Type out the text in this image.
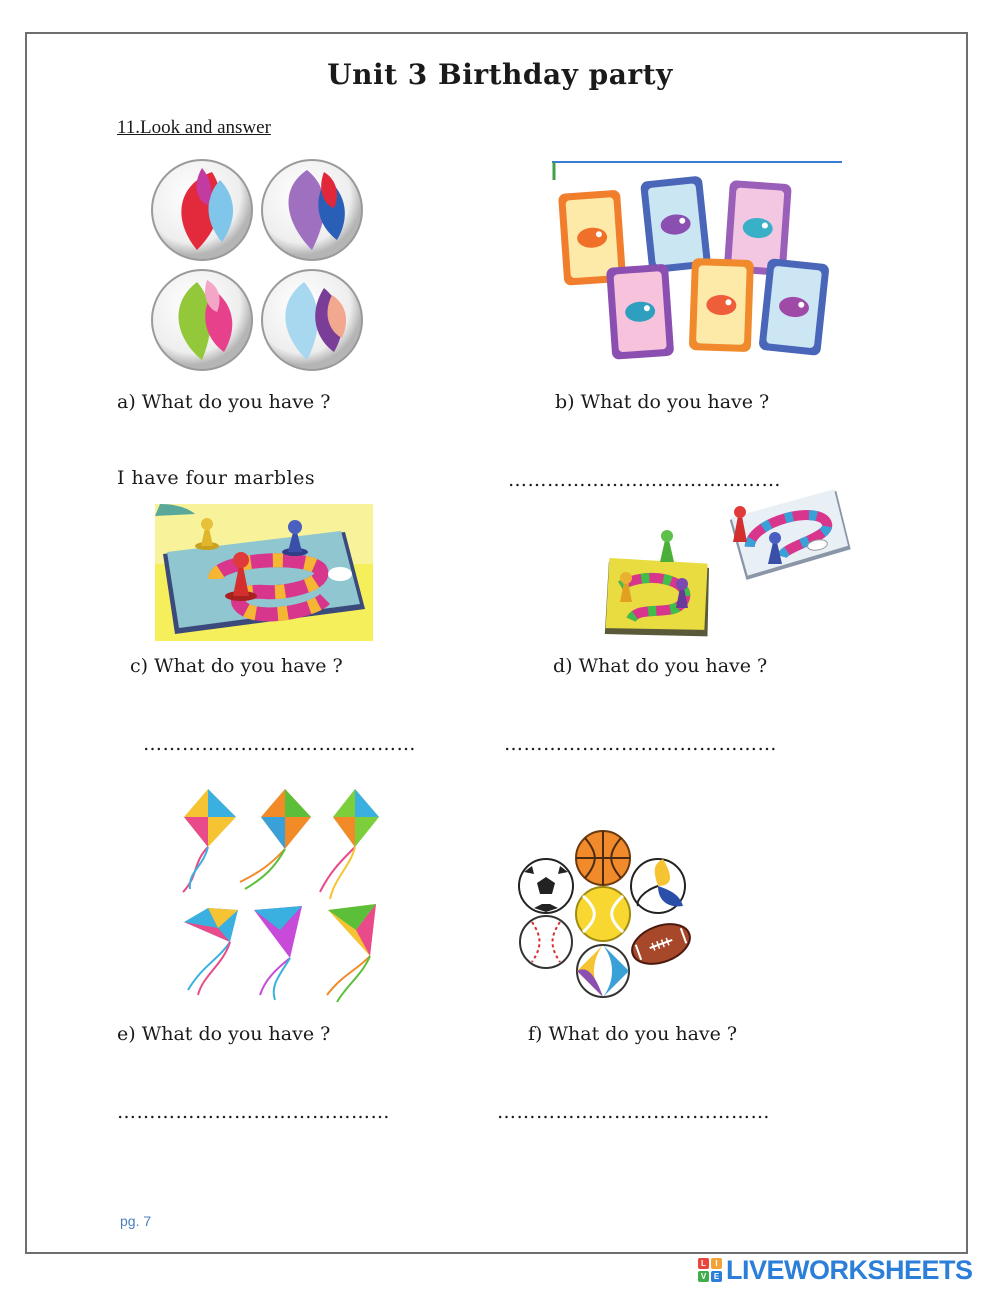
Unit 3 Birthday party
11.Look and answer
a) What do you have ?	b) What do you have ?
I have four marbles	……………………………………
c) What do you have ?	d) What do you have ?
……………………………………	……………………………………
e) What do you have ?	f) What do you have ?
……………………………………	……………………………………
pg. 7
L	I
V E LIVEWORKSHEETS
